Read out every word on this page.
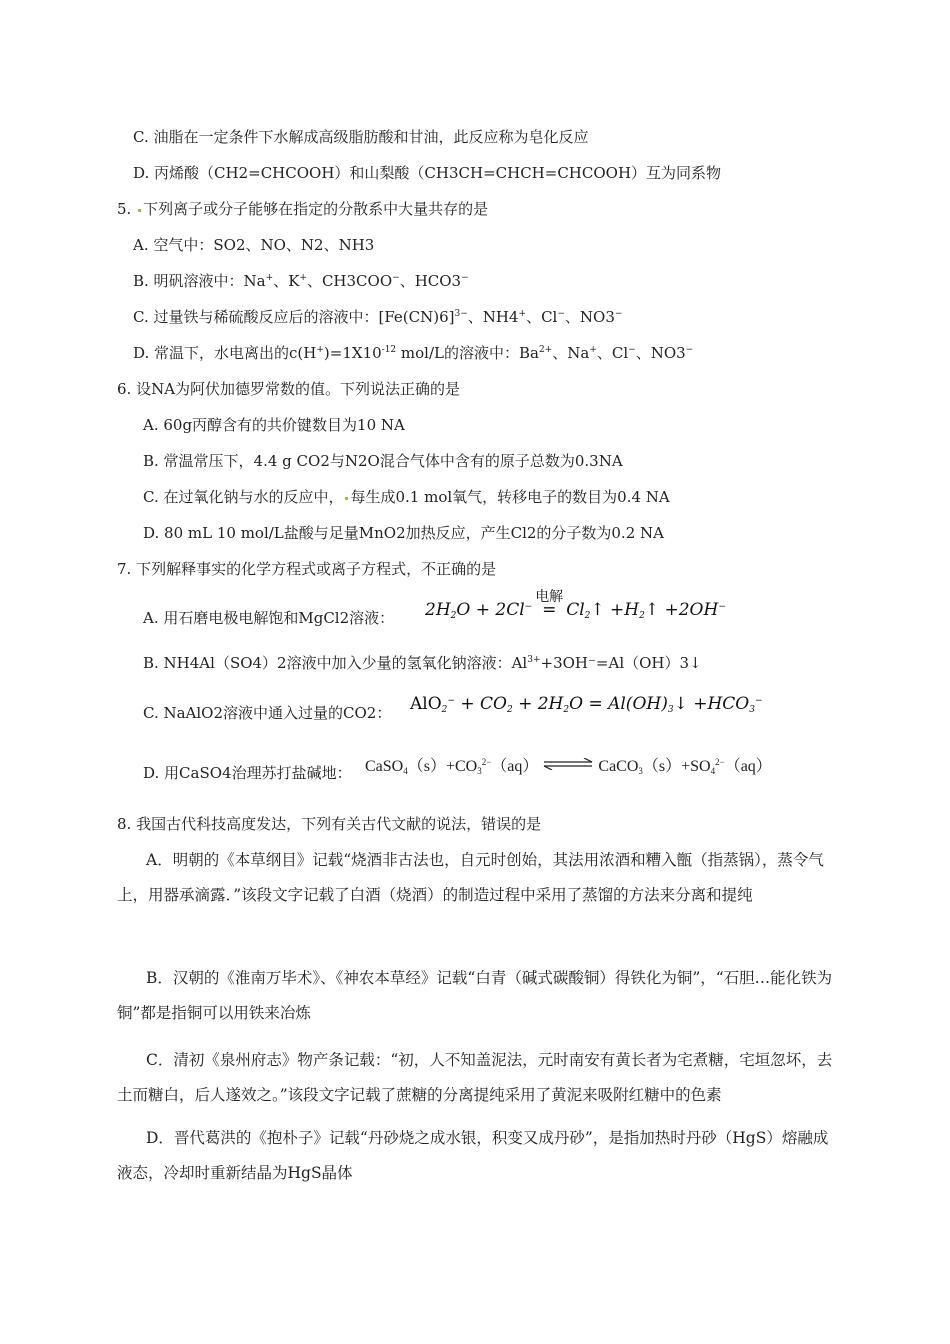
C. 油脂在一定条件下水解成高级脂肪酸和甘油，此反应称为皂化反应
D. 丙烯酸（CH2=CHCOOH）和山梨酸（CH3CH=CHCH=CHCOOH）互为同系物
5. 下列离子或分子能够在指定的分散系中大量共存的是
A. 空气中：SO2、NO、N2、NH3
B. 明矾溶液中：Na+、K+、CH3COO−、HCO3−
C. 过量铁与稀硫酸反应后的溶液中：$[Fe(CN)6]^{3-}$、NH4+、Cl−、NO3−
D. 常温下，水电离出的$c(H^+)=1X10^{-12}$ mol/L的溶液中：$Ba^{2+}$、Na+、Cl−、NO3−
6. 设NA为阿伏加德罗常数的值。下列说法正确的是
A. 60g丙醇含有的共价键数目为10 NA
B. 常温常压下，4.4 g CO2与N2O混合气体中含有的原子总数为0.3NA
C. 在过氧化钠与水的反应中， 每生成0.1 mol氧气，转移电子的数目为0.4 NA
D. 80 mL 10 mol/L盐酸与足量MnO2加热反应，产生Cl2的分子数为0.2 NA
7. 下列解释事实的化学方程式或离子方程式，不正确的是
A. 用石磨电极电解饱和MgCl2溶液： $2H_2O + 2Cl^-$
电解
= $Cl_2↑$ $+H_2↑ +2OH^-$
B. NH4Al（SO4）2溶液中加入少量的氢氧化钠溶液：$Al^{3+}+3OH^-=Al(OH)3↓$
C. NaAlO2溶液中通入过量的CO2： $AlO_2^- + CO_2 + 2H_2O$ = $Al(OH)_3↓ +HCO_3^-$
D. 用CaSO4治理苏打盐碱地： $CaSO_4(s)+CO_3^{2-}(aq)$ ⇌ $CaCO_3(s)+SO_4^{2-}(aq)$
8. 我国古代科技高度发达，下列有关古代文献的说法，错误的是
A．明朝的《本草纲目》记载“烧酒非古法也，自元时创始，其法用浓酒和糟入甑（指蒸锅），蒸令气上，用器承滴露．”该段文字记载了白酒（烧酒）的制造过程中采用了蒸馏的方法来分离和提纯
B．汉朝的《淮南万毕术》、《神农本草经》记载“白青（碱式碳酸铜）得铁化为铜”，“石胆…能化铁为铜”都是指铜可以用铁来冶炼
C．清初《泉州府志》物产条记载：“初，人不知盖泥法，元时南安有黄长者为宅煮糖，宅垣忽坏，去土而糖白，后人遂效之。”该段文字记载了蔗糖的分离提纯采用了黄泥来吸附红糖中的色素
D．晋代葛洪的《抱朴子》记载“丹砂烧之成水银，积变又成丹砂”，是指加热时丹砂（HgS）熔融成液态，冷却时重新结晶为HgS晶体
